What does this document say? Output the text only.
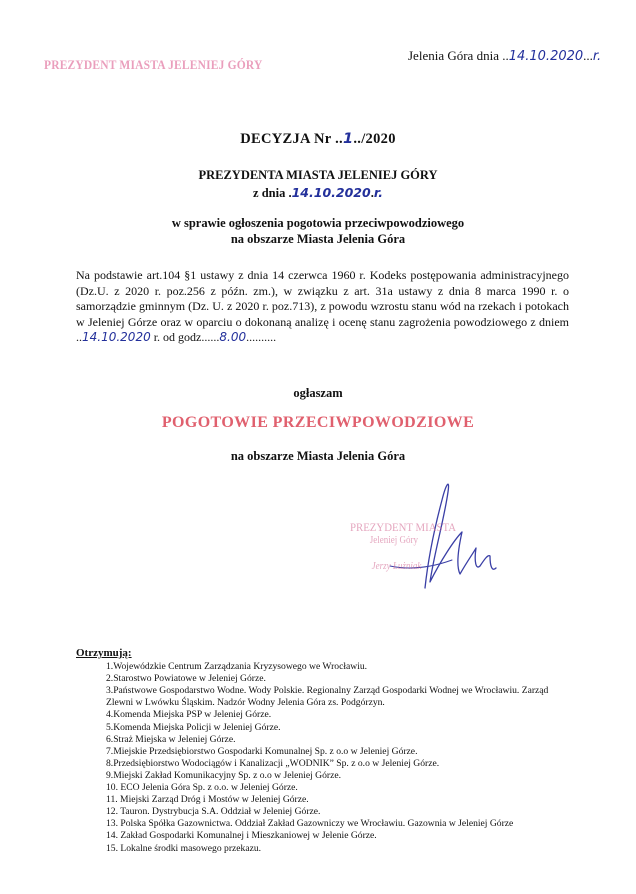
PREZYDENT MIASTA JELENIEJ GÓRY
Jelenia Góra dnia ..14.10.2020...r.
DECYZJA Nr ..1../2020
PREZYDENTA MIASTA JELENIEJ GÓRY
z dnia .14.10.2020.r.
w sprawie ogłoszenia pogotowia przeciwpowodziowego
na obszarze Miasta Jelenia Góra
Na podstawie art.104 §1 ustawy z dnia 14 czerwca 1960 r. Kodeks postępowania administracyjnego (Dz.U. z 2020 r. poz.256 z późn. zm.), w związku z art. 31a ustawy z dnia 8 marca 1990 r. o samorządzie gminnym (Dz. U. z 2020 r. poz.713), z powodu wzrostu stanu wód na rzekach i potokach w Jeleniej Górze oraz w oparciu o dokonaną analizę i ocenę stanu zagrożenia powodziowego z dniem ..14.10.2020 r. od godz......8.00..........
ogłaszam
POGOTOWIE PRZECIWPOWODZIOWE
na obszarze Miasta Jelenia Góra
PREZYDENT MIASTA
Jeleniej Góry
Jerzy Łużniak
Otrzymują:
1.Wojewódzkie Centrum Zarządzania Kryzysowego we Wrocławiu.
2.Starostwo Powiatowe w Jeleniej Górze.
3.Państwowe Gospodarstwo Wodne. Wody Polskie. Regionalny Zarząd Gospodarki Wodnej we Wrocławiu. Zarząd Zlewni w Lwówku Śląskim. Nadzór Wodny Jelenia Góra zs. Podgórzyn.
4.Komenda Miejska PSP w Jeleniej Górze.
5.Komenda Miejska Policji w Jeleniej Górze.
6.Straż Miejska w Jeleniej Górze.
7.Miejskie Przedsiębiorstwo Gospodarki Komunalnej Sp. z o.o w Jeleniej Górze.
8.Przedsiębiorstwo Wodociągów i Kanalizacji „WODNIK” Sp. z o.o w Jeleniej Górze.
9.Miejski Zakład Komunikacyjny Sp. z o.o w Jeleniej Górze.
10. ECO Jelenia Góra Sp. z o.o. w Jeleniej Górze.
11. Miejski Zarząd Dróg i Mostów w Jeleniej Górze.
12. Tauron. Dystrybucja S.A. Oddział w Jeleniej Górze.
13. Polska Spółka Gazownictwa. Oddział Zakład Gazowniczy we Wrocławiu. Gazownia w Jeleniej Górze
14. Zakład Gospodarki Komunalnej i Mieszkaniowej w Jelenie Górze.
15. Lokalne środki masowego przekazu.
